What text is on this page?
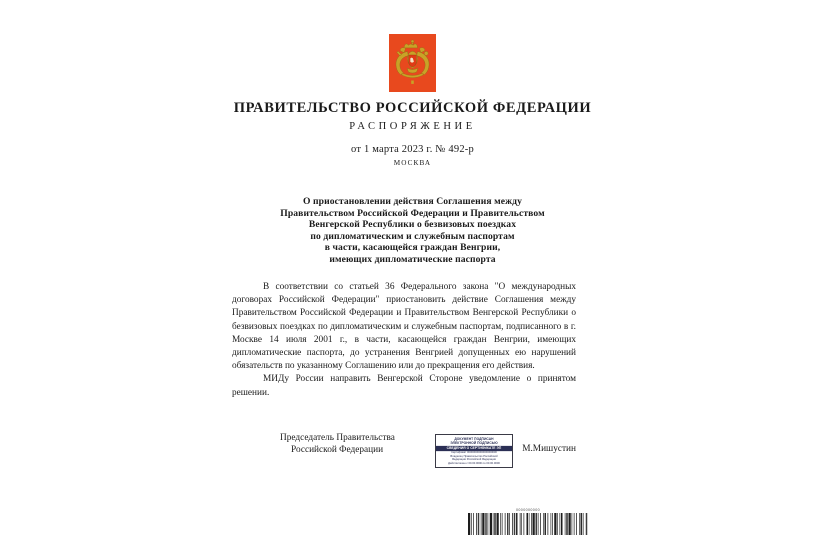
ПРАВИТЕЛЬСТВО РОССИЙСКОЙ ФЕДЕРАЦИИ
РАСПОРЯЖЕНИЕ
от 1 марта 2023 г. № 492-р
МОСКВА
О приостановлении действия Соглашения между
Правительством Российской Федерации и Правительством
Венгерской Республики о безвизовых поездках
по дипломатическим и служебным паспортам
в части, касающейся граждан Венгрии,
имеющих дипломатические паспорта

В соответствии со статьей 36 Федерального закона "О международных договорах Российской Федерации" приостановить действие Соглашения между Правительством Российской Федерации и Правительством Венгерской Республики о безвизовых поездках по дипломатическим и служебным паспортам, подписанного в г. Москве 14 июля 2001 г., в части, касающейся граждан Венгрии, имеющих дипломатические паспорта, до устранения Венгрией допущенных ею нарушений обязательств по указанному Соглашению или до прекращения его действия.

МИДу России направить Венгерской Стороне уведомление о принятом решении.

Председатель Правительства
Российской Федерации
ДОКУМЕНТ ПОДПИСАН
ЭЛЕКТРОННОЙ ПОДПИСЬЮ
СВЕДЕНИЯ О СЕРТИФИКАТЕ ЭП
Сертификат 00000000000000000000
Владелец Правительство Российской
Федерации Российской Федерации
Действителен с 00.00.0000 по 00.00.0000
М.Мишустин
0000000000
